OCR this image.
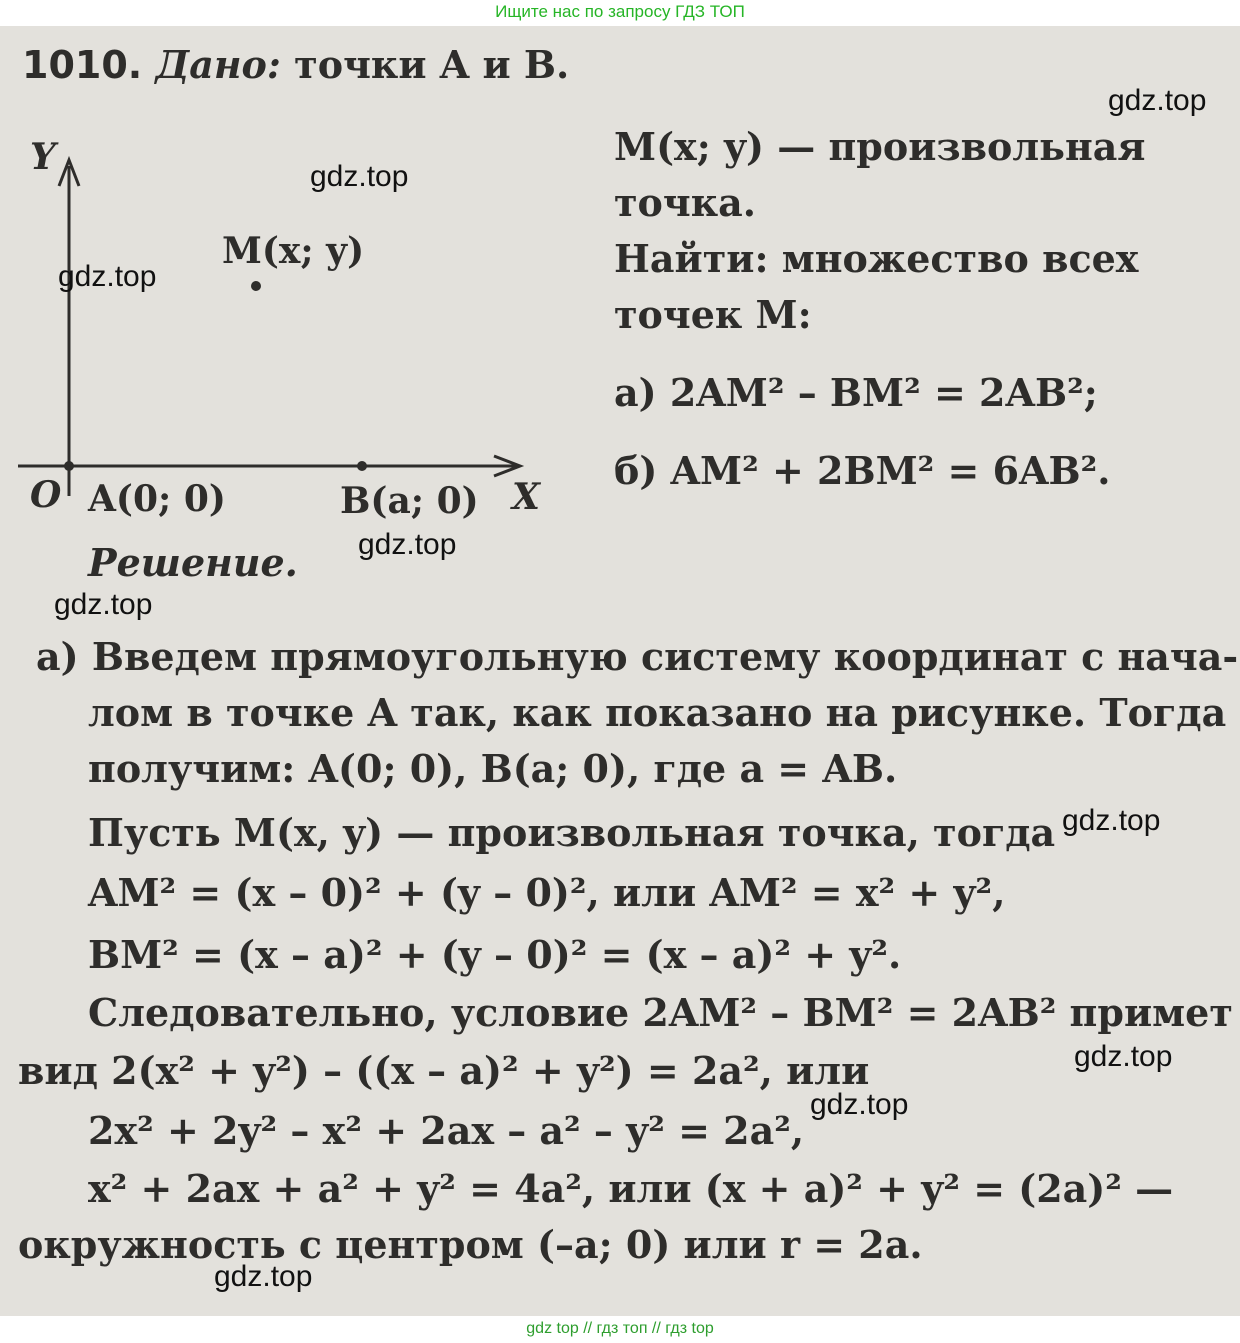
Ищите нас по запросу ГДЗ ТОП
1010. Дано: точки A и B.
M(x; y) — произвольная
точка.
Найти: множество всех
точек M:
а) 2AM² – BM² = 2AB²;
б) AM² + 2BM² = 6AB².
Y
X
O
M(x; y)
A(0; 0)	B(a; 0)
Решение.
а) Введем прямоугольную систему координат с нача-
лом в точке A так, как показано на рисунке. Тогда
получим: A(0; 0), B(a; 0), где a = AB.
Пусть M(x, y) — произвольная точка, тогда
AM² = (x – 0)² + (y – 0)², или AM² = x² + y²,
BM² = (x – a)² + (y – 0)² = (x – a)² + y².
Следовательно, условие 2AM² – BM² = 2AB² примет
вид 2(x² + y²) – ((x – a)² + y²) = 2a², или
2x² + 2y² – x² + 2ax – a² – y² = 2a²,
x² + 2ax + a² + y² = 4a², или (x + a)² + y² = (2a)² —
окружность с центром (–a; 0) или r = 2a.
gdz.top
gdz.top
gdz.top
gdz.top
gdz.top
gdz.top
gdz.top
gdz.top
gdz.top
gdz top // гдз топ // гдз top
